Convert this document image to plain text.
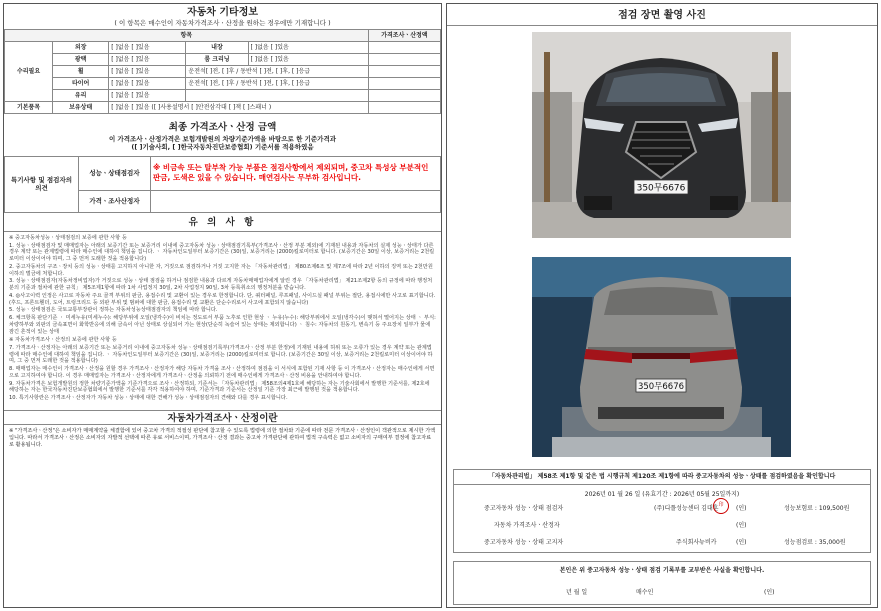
자동차 기타정보
( 이 항목은 매수인이 자동차가격조사ㆍ산정을 원하는 경우에만 기재합니다 )
항목					가격조사ㆍ산정액
수리필요	외장	[ ]없음 [ ]있음	내장	[ ]없음 [ ]있음	
	광택	[ ]없음 [ ]있음	룸 크리닝	[ ]없음 [ ]있음	
	휠	[ ]없음 [ ]있음	운전석[ ]전, [ ]후 / 동반석 [ ]전, [ ]후, [ ]응급		
	타이어	[ ]없음 [ ]있음	운전석[ ]전, [ ]후 / 동반석 [ ]전, [ ]후, [ ]응급		
	유리	[ ]없음 [ ]있음			
기본품목	보유상태	[ ]없음 [ ]있음 ([ ]사용설명서 [ ]안전삼각대 [ ]잭 [ ]스패너 )			
최종 가격조사ㆍ산정 금액
이 가격조사ㆍ산정가격은 보험개발원의 차량기준가액을 바탕으로 한 기준가격과
([ ]기술사회, [ ]한국자동차진단보증협회) 기준서를 적용하였음
특기사항 및 점검자의 의견	성능ㆍ상태점검자	※ 비금속 또는 탈부착 가능 부품은 점검사항에서 제외되며, 중고차 특성상 부분적인 판금, 도색은 있을 수 있습니다. 매연검사는 무부하 검사입니다.
	가격ㆍ조사산정자	
유 의 사 항

※ 중고자동차성능ㆍ상태점검의 보증에 관한 사항 등

1. 성능ㆍ상태점검자 및 매매업자는 아래의 보증기간 또는 보증거리 이내에 중고자동차 성능ㆍ상태점검기록부(가격조사ㆍ산정 부분 제외)에 기재된 내용과 자동차의 실제 성능ㆍ상태가 다른 경우 계약 또는 관계법령에 따라 매수인에 대하여 책임을 집니다. ㆍ 자동차인도일부터 보증기간은 (30)일, 보증거리는 (2000)킬로미터로 합니다. (보증기간은 30일 이상, 보증거리는 2천킬로미터 이상이어야 하며, 그 중 먼저 도래한 것을 적용합니다)

2. 중고자동차의 구조ㆍ장치 등의 성능ㆍ상태를 고지하지 아니한 자, 거짓으로 점검하거나 거짓 고지한 자는 「자동차관리법」 제80조제6조 및 제7조에 따라 2년 이하의 징역 또는 2천만원 이하의 벌금에 처합니다.

3. 성능ㆍ상태점검자(자동차정비업자)가 거짓으로 성능ㆍ상태 점검을 하거나 점검한 내용과 다르게 자동차매매업자에게 알린 경우 「자동차관리법」 제21조제2항 등의 규정에 따라 행정처분의 기준과 절차에 관한 규칙」 제5조제1항에 따라 1차 사업정지 30일, 2차 사업정지 90일, 3차 등록취소의 행정처분을 받습니다.

4. ◎사고이력 인정은 사고로 자동차 주요 골격 부위의 판금, 용접수리 및 교환이 있는 경우로 한정합니다. 단, 쿼터패널, 루프패널, 사이드실 패널 부위는 절단, 용접시에만 사고로 표기합니다. (후드, 프론트휀더, 도어, 트렁크리드 등 외판 부위 및 범퍼에 대한 판금, 용접수리 및 교환은 단순수리로서 사고에 포함되지 않습니다)

5. 성능ㆍ상태점검은 국토교통부장관이 정하는 자동차성능상태점검자의 책임에 따라 합니다.

6. 체크항목 판단기준 ㆍ 미세누유(미세누수): 해당부위에 오일(냉각수)이 비치는 정도로서 부품 노후로 인한 현상 ㆍ 누유(누수): 해당부위에서 오일(냉각수)이 맺혀서 떨어지는 상태 ㆍ 부식: 차량하부와 외판의 금속표면이 화학반응에 의해 금속이 아닌 상태로 상실되어 가는 현상(단순히 녹슬어 있는 상태는 제외합니다) ㆍ 침수: 자동차의 원동기, 변속기 등 주요장치 일부가 물에 잠긴 흔적이 있는 상태

※ 자동차가격조사ㆍ산정의 보증에 관한 사항 등

7. 가격조사ㆍ산정자는 아래의 보증기간 또는 보증거리 이내에 중고자동차 성능ㆍ상태점검기록부(가격조사ㆍ산정 부분 한정)에 기재된 내용에 허위 또는 오류가 있는 경우 계약 또는 관계법령에 따라 매수인에 대하여 책임을 집니다. ㆍ 자동차인도일부터 보증기간은 (30)일, 보증거리는 (2000)킬로미터로 합니다. (보증기간은 30일 이상, 보증거리는 2천킬로미터 이상이어야 하며, 그 중 먼저 도래한 것을 적용합니다)

8. 매매업자는 매수인이 가격조사ㆍ산정을 원할 경우 가격조사ㆍ산정자가 해당 자동차 가격을 조사ㆍ산정하여 점검을 이 서식에 포함된 기재 사항 등 이 가격조사ㆍ산정자는 매수인에게 서면으로 고지하여야 합니다. 이 경우 매매업자는 가격조사ㆍ산정자에게 가격조사ㆍ산정을 의뢰하기 전에 매수인에게 가격조사ㆍ산정 비용을 안내하여야 합니다.

9. 자동차가격은 보험개발원의 정한 차량기준가액을 기준가격으로 조사ㆍ산정하되, 기준서는 「자동차관리법」 제58조의4제1호에 해당하는 자는 기술사회에서 발행한 기준서를, 제2호에 해당하는 자는 한국자동차진단보증협회에서 발행한 기준서를 각각 적용하여야 하며, 기준가격과 기준서는 산정일 기준 가장 최근에 발행된 것을 적용합니다.

10. 특기사항란은 가격조사ㆍ산정자가 자동차 성능ㆍ상태에 대한 견해가 성능ㆍ상태점검자의 견해와 다를 경우 표시합니다.

자동차가격조사ㆍ산정이란
※ "가격조사ㆍ산정"은 소비자가 매매계약을 체결함에 있어 중고차 가격의 적절성 판단에 참고할 수 있도록 법령에 의한 절차와 기준에 따라 전문 가격조사ㆍ산정인이 객관적으로 제시한 가액입니다. 따라서 가격조사ㆍ산정은 소비자의 자발적 선택에 따른 유료 서비스이며, 가격조사ㆍ산정 결과는 중고차 가격판단에 관하여 법적 구속력은 없고 소비자의 구매여부 결정에 참고자료로 활용됩니다.
점검 장면 촬영 사진
350무6676
350무6676
「자동차관리법」 제58조 제1항 및 같은 법 시행규칙 제120조 제1항에 따라 중고자동차의 성능ㆍ상태를 점검하였음을 확인합니다
2026년 01 월 26 일 (유효기간 : 2026년 05월 25일까지)
중고자동차 성능ㆍ상태 점검자	(주)디플성능센터 김대훈 印	(인)	성능보험료 : 109,500원
자동차 가격조사ㆍ산정자	(인)
중고자동차 성능ㆍ상태 고지자	주식회사뉴비카	(인)	성능점검료 : 35,000원
본인은 위 중고자동차 성능ㆍ상태 점검 기록부를 교부받은 사실을 확인합니다.
년 월 일	매수인	(인)
